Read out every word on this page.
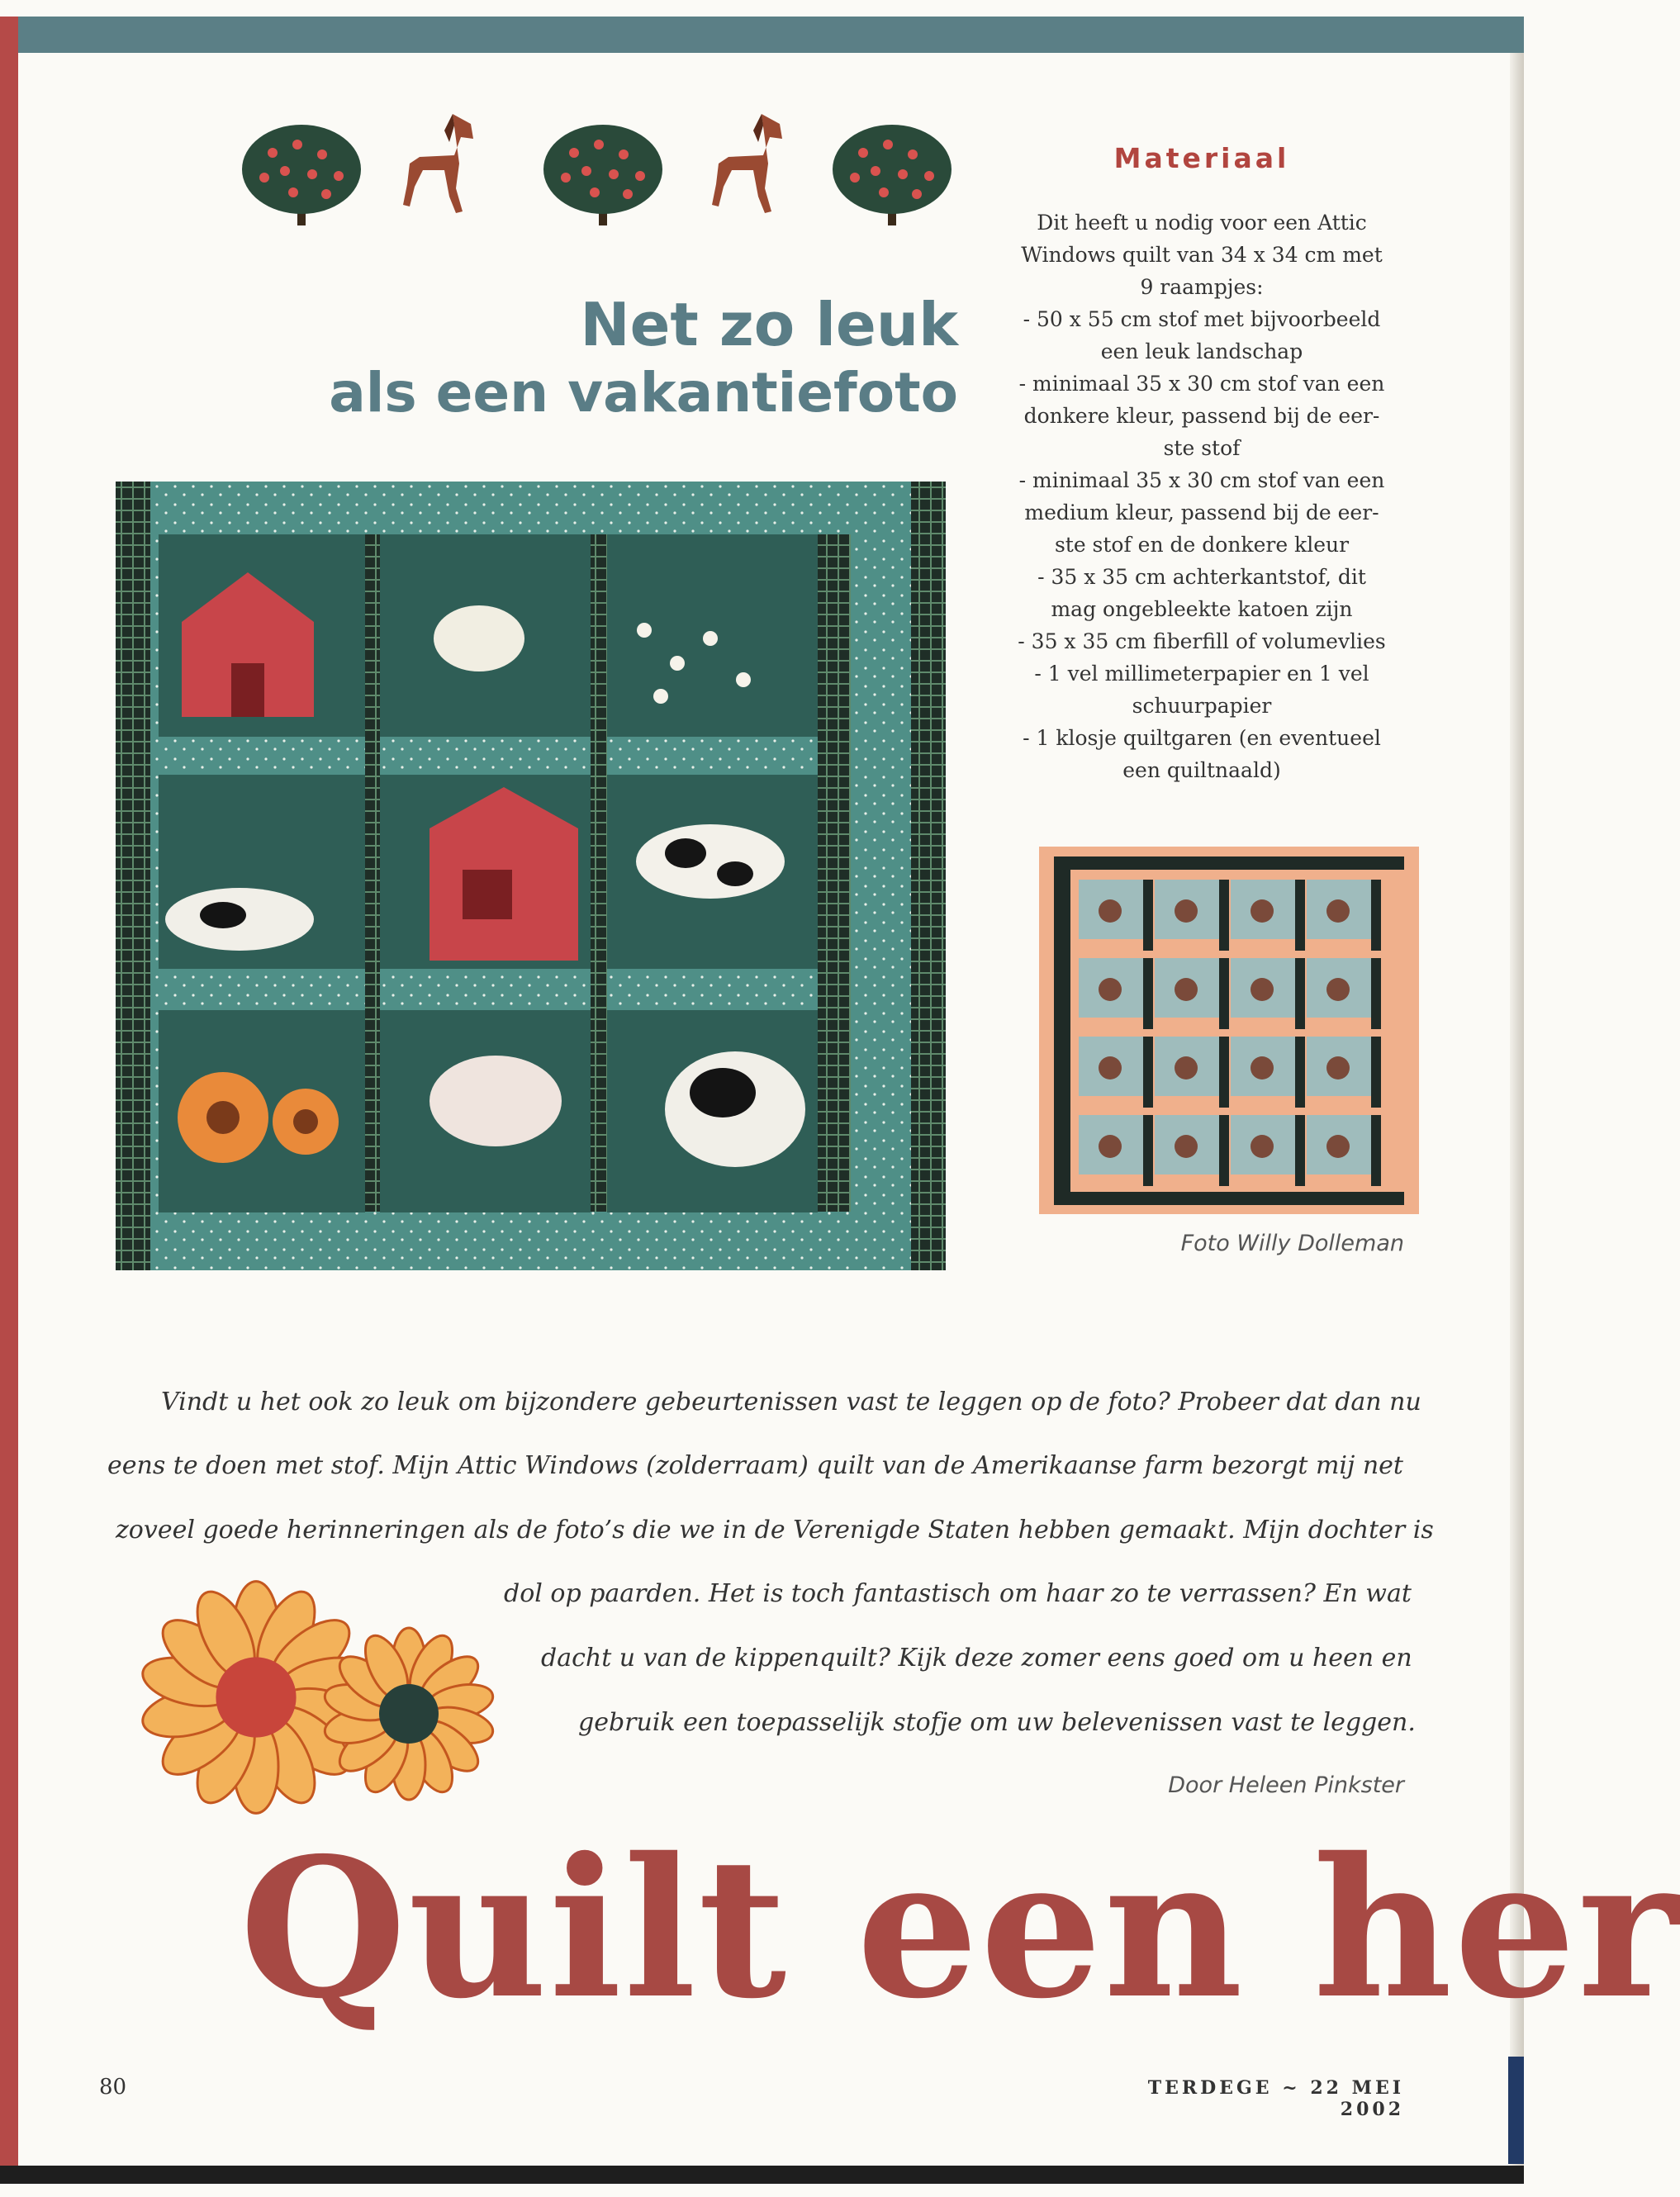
Net zo leuk
als een vakantiefoto
Materiaal
Dit heeft u nodig voor een Attic
Windows quilt van 34 x 34 cm met
9 raampjes:
- 50 x 55 cm stof met bijvoorbeeld
een leuk landschap
- minimaal 35 x 30 cm stof van een
donkere kleur, passend bij de eer-
ste stof
- minimaal 35 x 30 cm stof van een
medium kleur, passend bij de eer-
ste stof en de donkere kleur
- 35 x 35 cm achterkantstof, dit
mag ongebleekte katoen zijn
- 35 x 35 cm fiberfill of volumevlies
- 1 vel millimeterpapier en 1 vel
schuurpapier
- 1 klosje quiltgaren (en eventueel
een quiltnaald)
Foto Willy Dolleman
Vindt u het ook zo leuk om bijzondere gebeurtenissen vast te leggen op de foto? Probeer dat dan nu
eens te doen met stof. Mijn Attic Windows (zolderraam) quilt van de Amerikaanse farm bezorgt mij net
zoveel goede herinneringen als de foto’s die we in de Verenigde Staten hebben gemaakt. Mijn dochter is
dol op paarden. Het is toch fantastisch om haar zo te verrassen? En wat
dacht u van de kippenquilt? Kijk deze zomer eens goed om u heen en
gebruik een toepasselijk stofje om uw belevenissen vast te leggen.
Door Heleen Pinkster
Quilt een her
80	TERDEGE ~ 22 MEI 2002
